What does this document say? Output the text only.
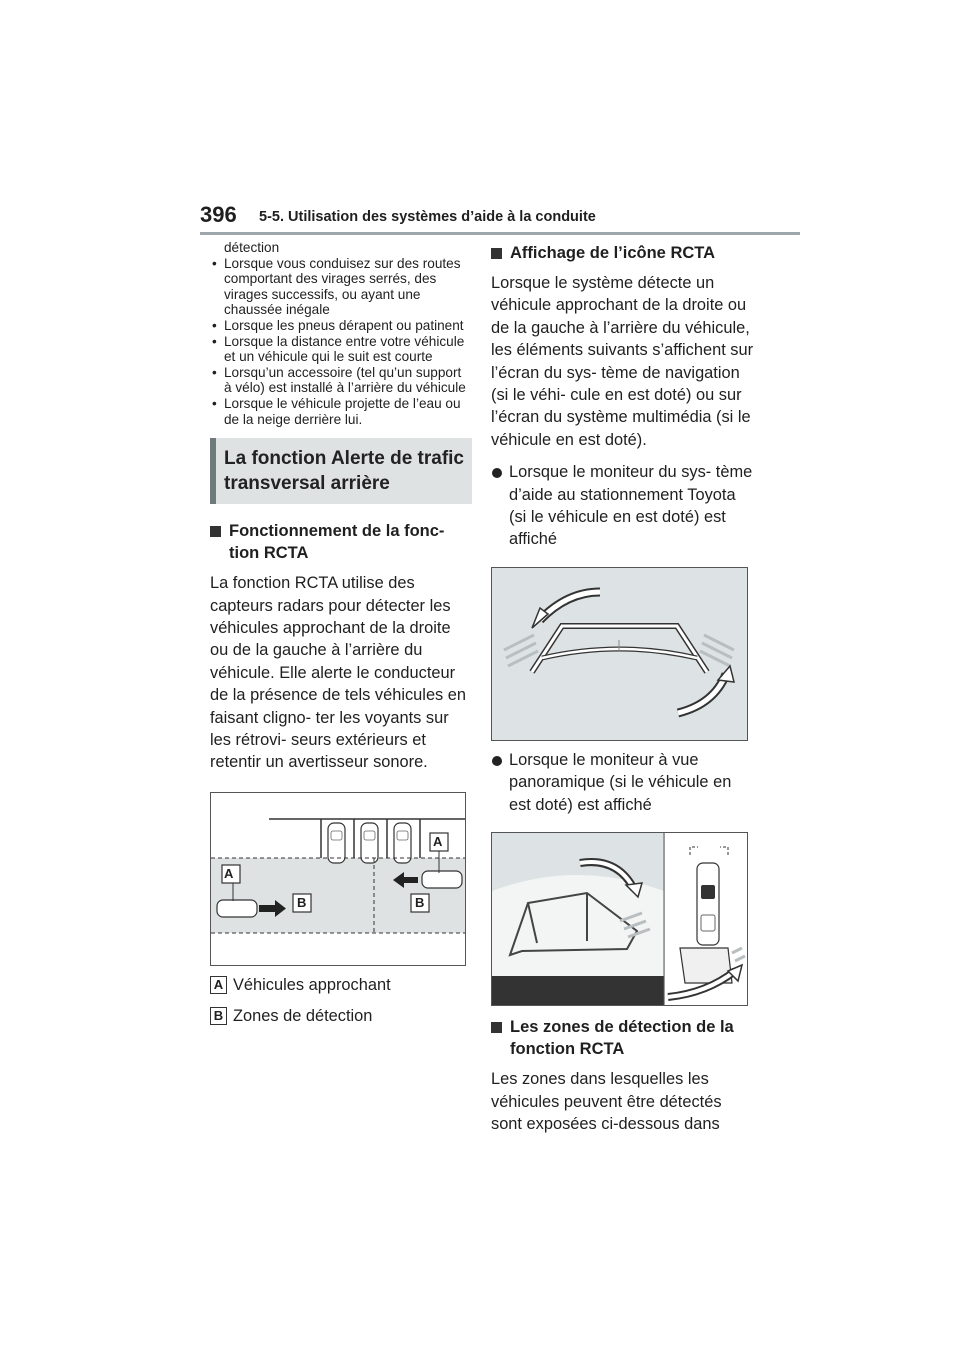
396 5-5. Utilisation des systèmes d’aide à la conduite
détection
• Lorsque vous conduisez sur des routes comportant des virages serrés, des virages successifs, ou ayant une chaussée inégale
• Lorsque les pneus dérapent ou patinent
• Lorsque la distance entre votre véhicule et un véhicule qui le suit est courte
• Lorsqu’un accessoire (tel qu’un support à vélo) est installé à l’arrière du véhicule
• Lorsque le véhicule projette de l’eau ou de la neige derrière lui.
La fonction Alerte de trafic transversal arrière
Fonctionnement de la fonc- tion RCTA
La fonction RCTA utilise des capteurs radars pour détecter les véhicules approchant de la droite ou de la gauche à l’arrière du véhicule. Elle alerte le conducteur de la présence de tels véhicules en faisant cligno- ter les voyants sur les rétrovi- seurs extérieurs et retentir un avertisseur sonore.
A
A
B	B
A Véhicules approchant
B Zones de détection
Affichage de l’icône RCTA
Lorsque le système détecte un véhicule approchant de la droite ou de la gauche à l’arrière du véhicule, les éléments suivants s’affichent sur l’écran du sys- tème de navigation (si le véhi- cule en est doté) ou sur l’écran du système multimédia (si le véhicule en est doté).
Lorsque le moniteur du sys- tème d’aide au stationnement Toyota (si le véhicule en est doté) est affiché
Lorsque le moniteur à vue panoramique (si le véhicule en est doté) est affiché
Les zones de détection de la fonction RCTA
Les zones dans lesquelles les véhicules peuvent être détectés sont exposées ci-dessous dans
